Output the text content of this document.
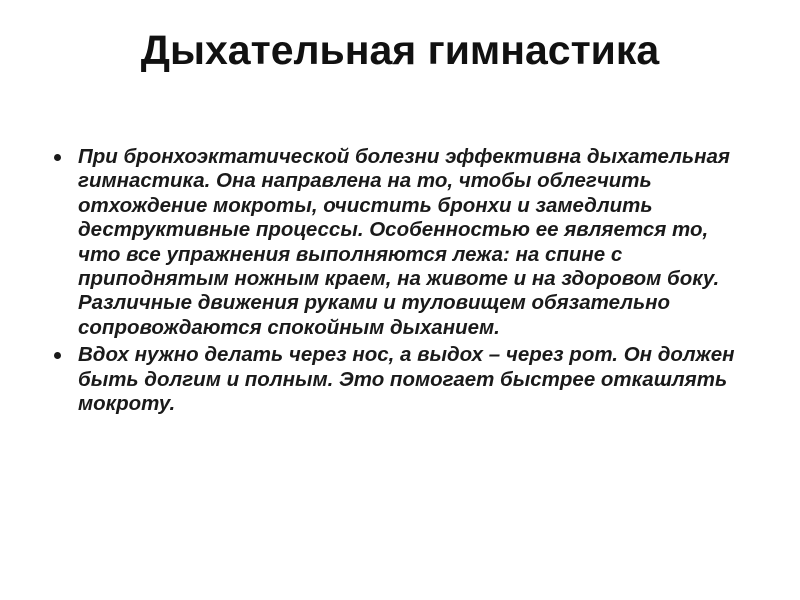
Дыхательная гимнастика
При бронхоэктатической болезни эффективна дыхательная гимнастика. Она направлена на то, чтобы облегчить отхождение мокроты, очистить бронхи и замедлить деструктивные процессы. Особенностью ее является то, что все упражнения выполняются лежа: на спине с приподнятым ножным краем, на животе и на здоровом боку. Различные движения руками и туловищем обязательно сопровождаются спокойным дыханием.
Вдох нужно делать через нос, а выдох – через рот. Он должен быть долгим и полным. Это помогает быстрее откашлять мокроту.
